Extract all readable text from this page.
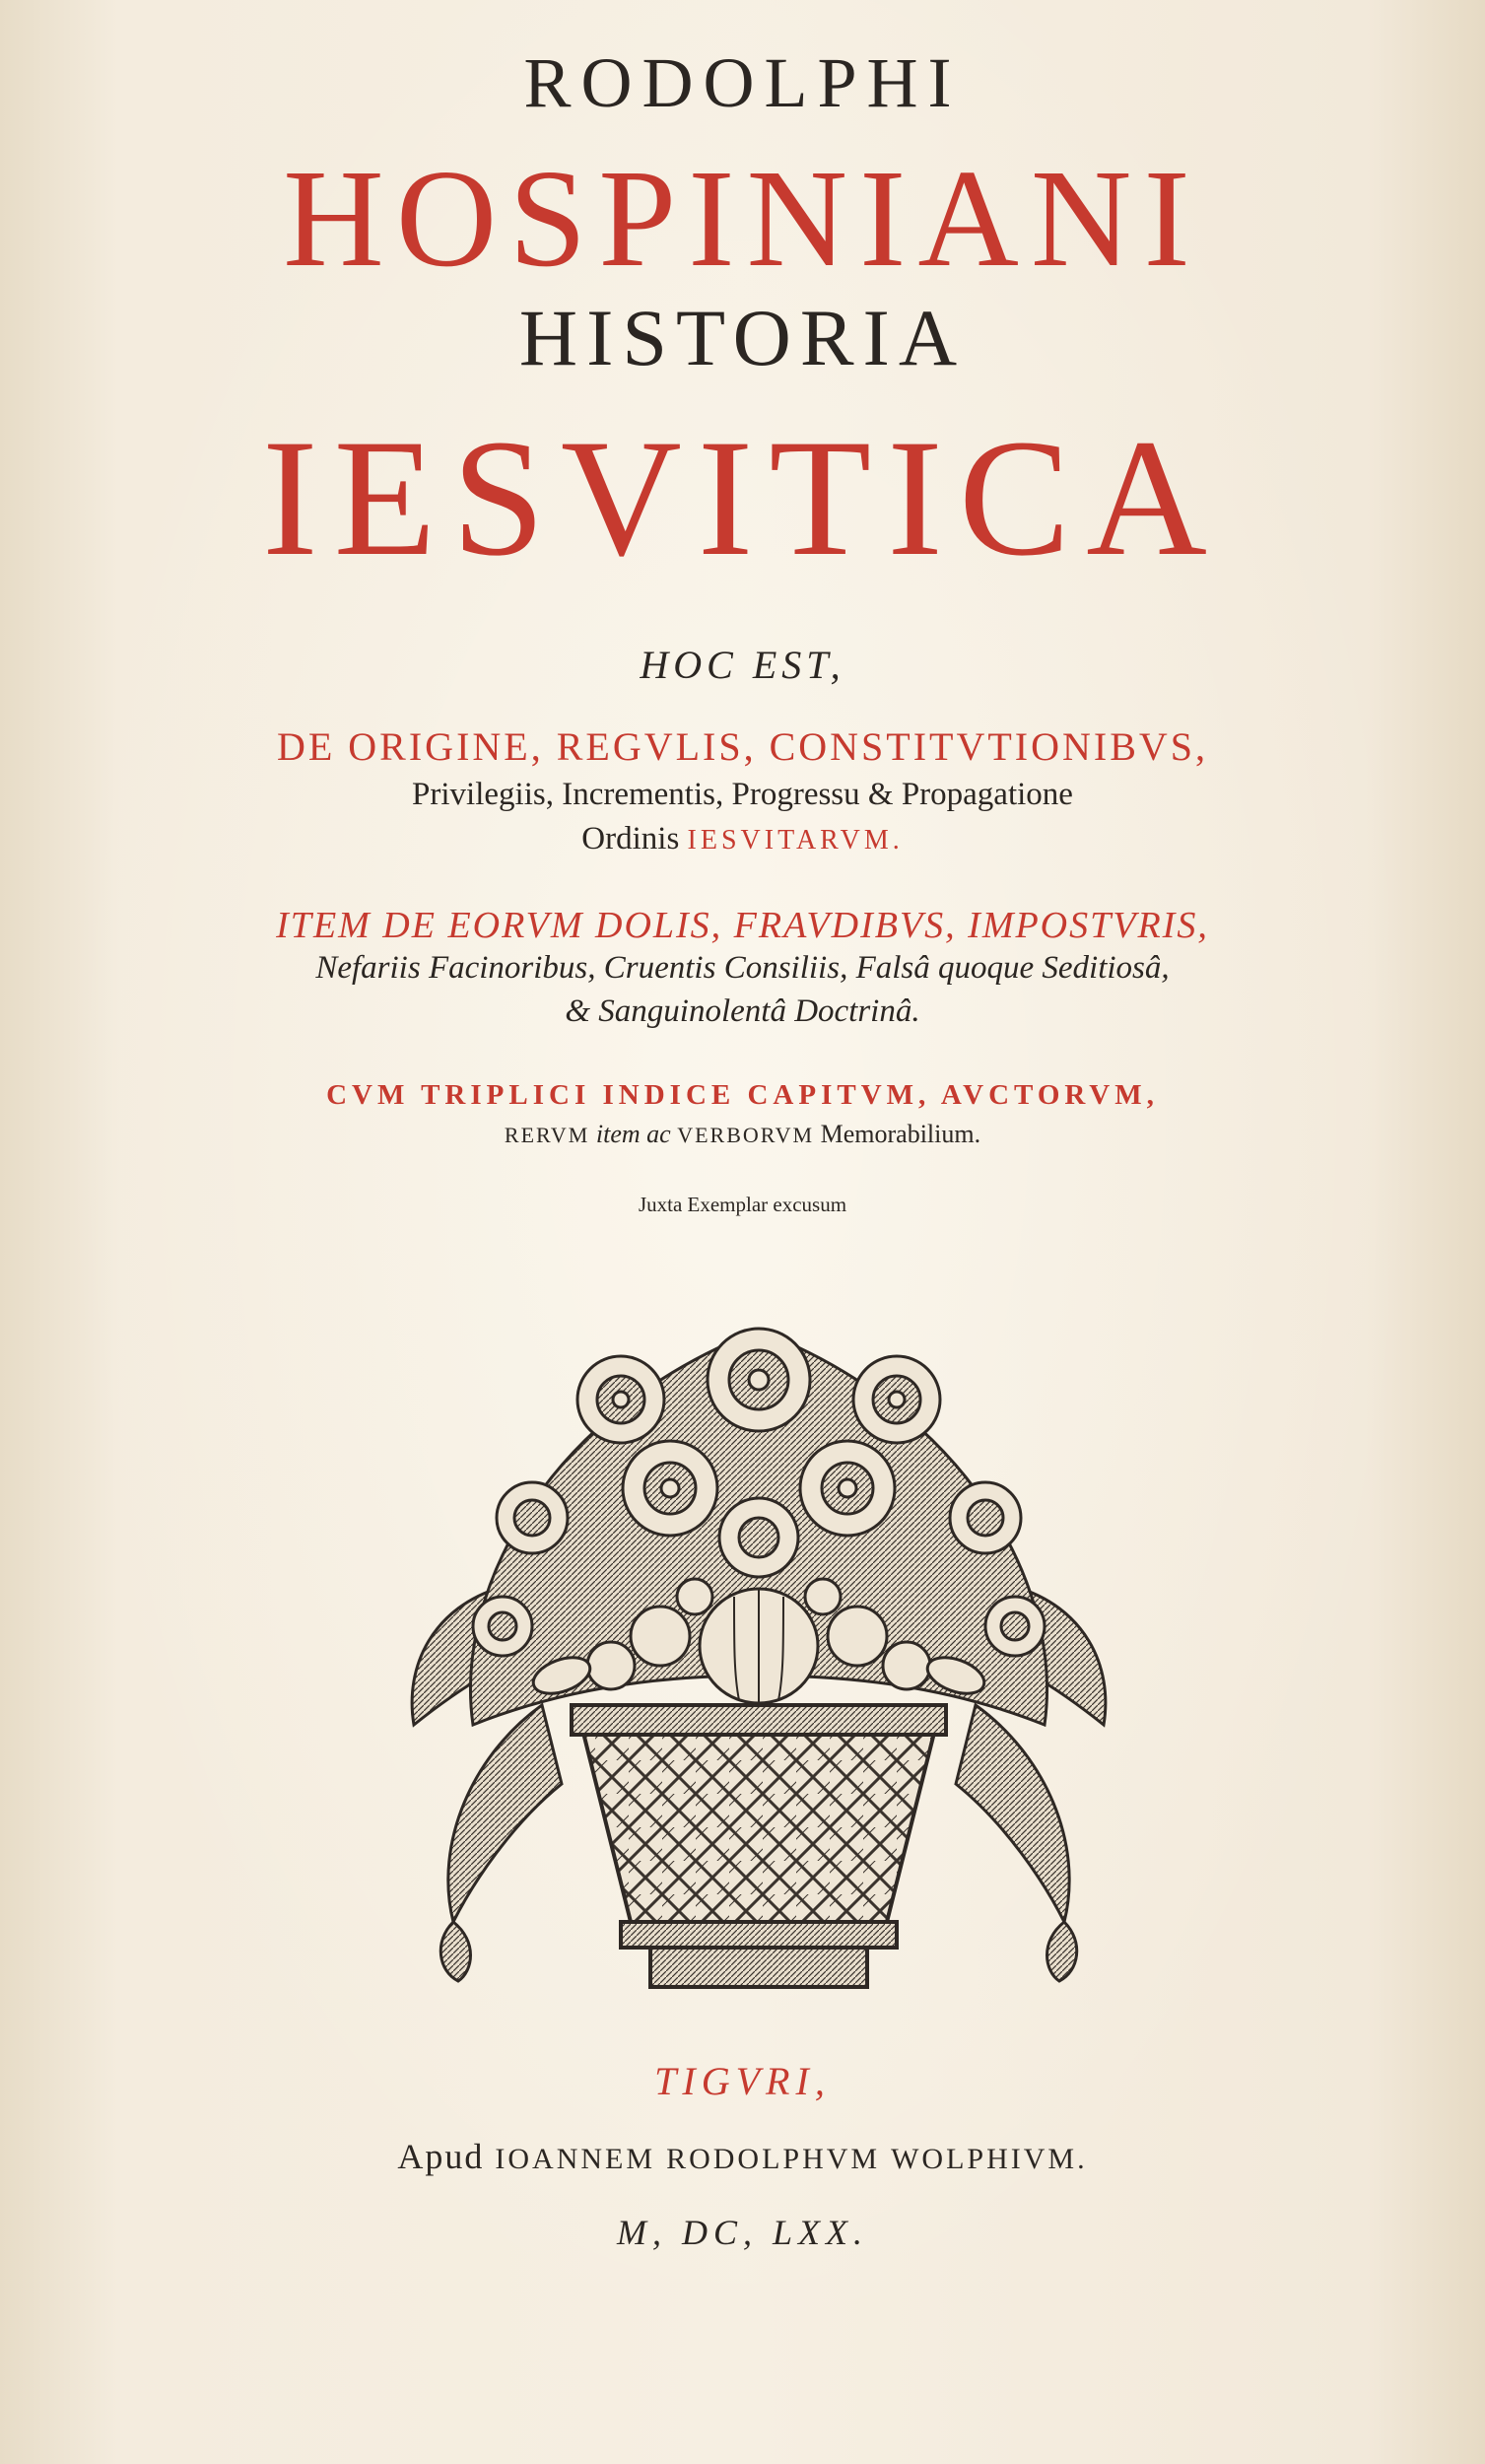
RODOLPHI
HOSPINIANI
HISTORIA
IESVITICA
HOC EST,
DE ORIGINE, REGVLIS, CONSTITVTIONIBVS,
Privilegiis, Incrementis, Progressu & Propagatione
Ordinis IESVITARVM.
ITEM DE EORVM DOLIS, FRAVDIBVS, IMPOSTVRIS,
Nefariis Facinoribus, Cruentis Consiliis, Falsâ quoque Seditiosâ,
& Sanguinolentâ Doctrinâ.
CVM TRIPLICI INDICE CAPITVM, AVCTORVM,
RERVM item ac VERBORVM Memorabilium.
Juxta Exemplar excusum
TIGVRI,
Apud IOANNEM RODOLPHVM WOLPHIVM.
M, DC, LXX.
